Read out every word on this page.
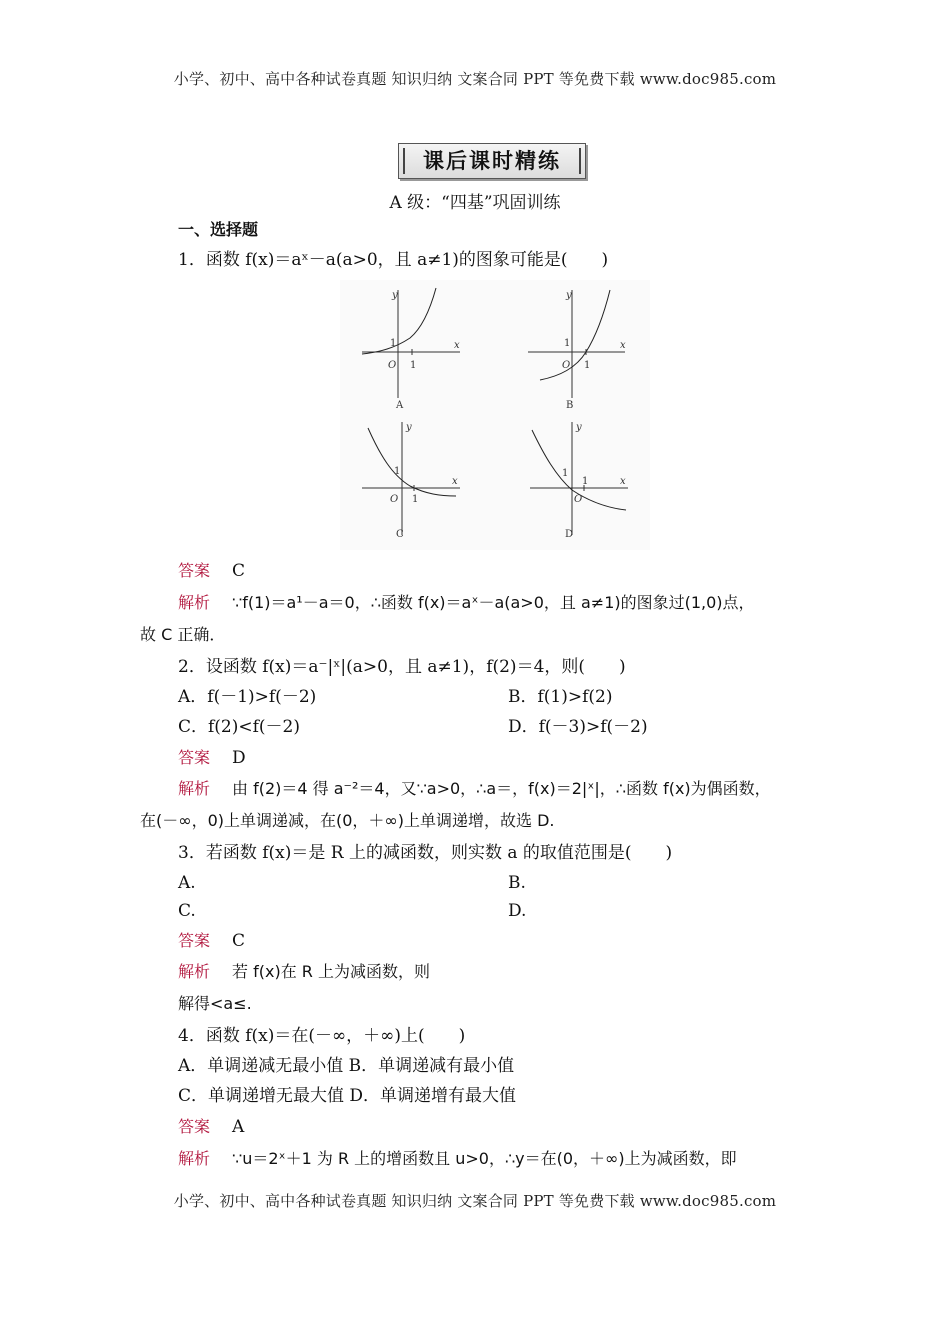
小学、初中、高中各种试卷真题 知识归纳 文案合同 PPT 等免费下载 www.doc985.com
课后课时精练
A 级：“四基”巩固训练
一、选择题
1．函数 f(x)＝aˣ－a(a>0，且 a≠1)的图象可能是(　　)
y
x
O
1
1
y
x
O
1
1
y
x
O
1
1
y
x
O
1
1
A	B
C	D
答案 C
解析 ∵f(1)＝a¹－a＝0，∴函数 f(x)＝aˣ－a(a>0，且 a≠1)的图象过(1,0)点，
故 C 正确．
2．设函数 f(x)＝a⁻|ˣ|(a>0，且 a≠1)，f(2)＝4，则(　　)
A．f(－1)>f(－2)	B．f(1)>f(2)
C．f(2)<f(－2)	D．f(－3)>f(－2)
答案 D
解析 由 f(2)＝4 得 a⁻²＝4，又∵a>0，∴a＝，f(x)＝2|ˣ|，∴函数 f(x)为偶函数，
在(－∞，0)上单调递减，在(0，＋∞)上单调递增，故选 D.
3．若函数 f(x)＝是 R 上的减函数，则实数 a 的取值范围是(　　)
A.	B.
C.	D.
答案 C
解析 若 f(x)在 R 上为减函数，则
解得<a≤.
4．函数 f(x)＝在(－∞，＋∞)上(　　)
A．单调递减无最小值 B．单调递减有最小值
C．单调递增无最大值 D．单调递增有最大值
答案 A
解析 ∵u＝2ˣ＋1 为 R 上的增函数且 u>0，∴y＝在(0，＋∞)上为减函数，即
小学、初中、高中各种试卷真题 知识归纳 文案合同 PPT 等免费下载 www.doc985.com
